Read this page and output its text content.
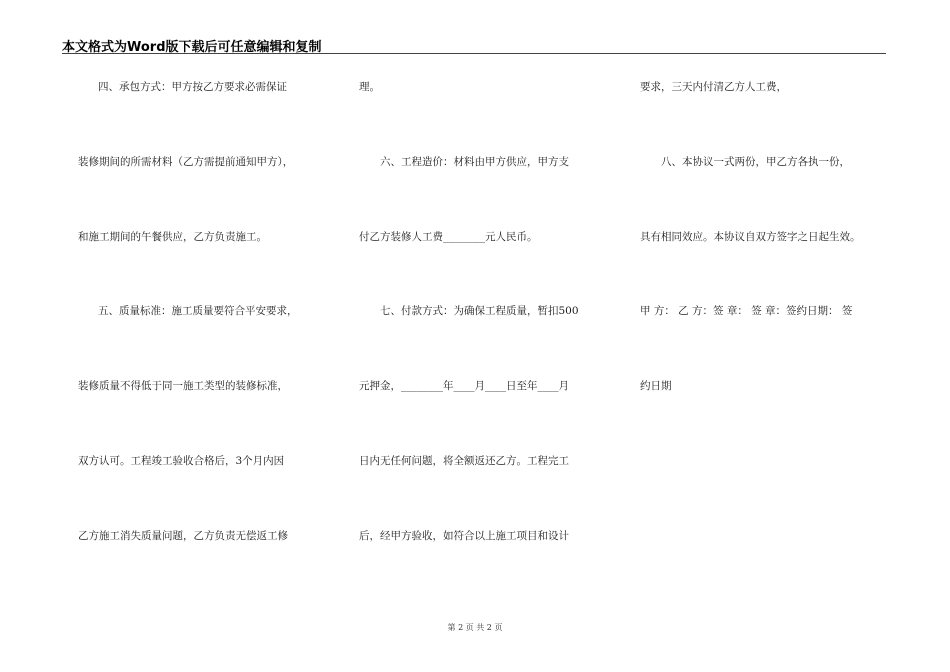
本文格式为Word版下载后可任意编辑和复制
四、承包方式：甲方按乙方要求必需保证
装修期间的所需材料（乙方需提前通知甲方），
和施工期间的午餐供应，乙方负责施工。
五、质量标准：施工质量要符合平安要求，
装修质量不得低于同一施工类型的装修标准，
双方认可。工程竣工验收合格后，3个月内因
乙方施工消失质量问题，乙方负责无偿返工修
理。
六、工程造价：材料由甲方供应，甲方支
付乙方装修人工费________元人民币。
七、付款方式：为确保工程质量，暂扣500
元押金，________年____月____日至年____月
日内无任何问题，将全额返还乙方。工程完工
后，经甲方验收，如符合以上施工项目和设计
要求，三天内付清乙方人工费，
八、本协议一式两份，甲乙方各执一份，
具有相同效应。本协议自双方签字之日起生效。
甲 方： 乙 方：签 章： 签 章：签约日期： 签
约日期
第 2 页 共 2 页
